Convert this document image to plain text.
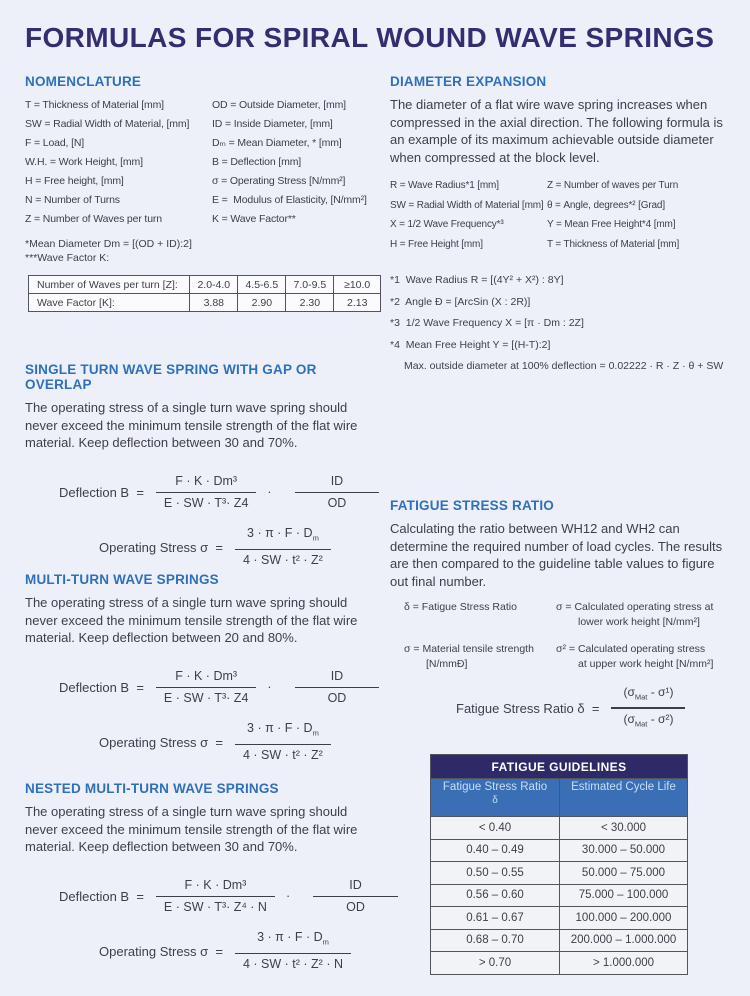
FORMULAS FOR SPIRAL WOUND WAVE SPRINGS
NOMENCLATURE
T = Thickness of Material [mm]
SW = Radial Width of Material, [mm]
F = Load, [N]
W.H. = Work Height, [mm]
H = Free height, [mm]
N = Number of Turns
Z = Number of Waves per turn
OD = Outside Diameter, [mm]
ID = Inside Diameter, [mm]
Dₘ = Mean Diameter, * [mm]
B = Deflection [mm]
σ = Operating Stress [N/mm²]
E =  Modulus of Elasticity, [N/mm²]
K = Wave Factor**
*Mean Diameter Dm = [(OD + ID):2]
***Wave Factor K:
Number of Waves per turn [Z]:	2.0-4.0	4.5-6.5	7.0-9.5	≥10.0
Wave Factor [K]:	3.88	2.90	2.30	2.13
DIAMETER EXPANSION

The diameter of a flat wire wave spring increases when compressed in the axial direction. The following formula is an example of its maximum achievable outside diameter when compressed at the block level.

R = Wave Radius*1 [mm]
SW = Radial Width of Material [mm]
X = 1/2 Wave Frequency*³
H = Free Height [mm]
Z = Number of waves per Turn
θ = Angle, degrees*² [Grad]
Y = Mean Free Height*4 [mm]
T = Thickness of Material [mm]
*1  Wave Radius R = [(4Y² + X²) : 8Y]
*2  Angle Đ = [ArcSin (X : 2R)]
*3  1/2 Wave Frequency X = [π · Dm : 2Z]
*4  Mean Free Height Y = [(H-T):2]
Max. outside diameter at 100% deflection = 0.02222 · R · Z · θ + SW
SINGLE TURN WAVE SPRING WITH GAP OR OVERLAP

The operating stress of a single turn wave spring should never exceed the minimum tensile strength of the flat wire material. Keep deflection between 30 and 70%.

Deflection $B = \frac{\text{F · K · Dm³}}{\text{E · SW · T³· Z4}} \cdot \frac{ID}{OD}$
Operating Stress $\sigma = \frac{3 \cdot \pi \cdot F \cdot D_m}{\text{4 · SW · t² · Z²}}$
MULTI-TURN WAVE SPRINGS

The operating stress of a single turn wave spring should never exceed the minimum tensile strength of the flat wire material. Keep deflection between 20 and 80%.

Deflection $B = \frac{\text{F · K · Dm³}}{\text{E · SW · T³· Z4}} \cdot \frac{ID}{OD}$
Operating Stress $\sigma = \frac{3 \cdot \pi \cdot F \cdot D_m}{\text{4 · SW · t² · Z²}}$
NESTED MULTI-TURN WAVE SPRINGS

The operating stress of a single turn wave spring should never exceed the minimum tensile strength of the flat wire material. Keep deflection between 30 and 70%.

Deflection $B = \frac{\text{F · K · Dm³}}{\text{E · SW · T³· Z⁴ · N}} \cdot \frac{ID}{OD}$
Operating Stress $\sigma = \frac{3 \cdot \pi \cdot F \cdot D_m}{\text{4 · SW · t² · Z² · N}}$
FATIGUE STRESS RATIO

Calculating the ratio between WH12 and WH2 can determine the required number of load cycles. The results are then compared to the guideline table values to figure out final number.

δ = Fatigue Stress Ratio	σ = Calculated operating stress at lower work height [N/mm²]
σ = Material tensile strength [N/mmĐ]
σ² = Calculated operating stress at upper work height [N/mm²]
Fatigue Stress Ratio $\delta = \frac{(\sigma_{Mat} - \sigma^1)}{(\sigma_{Mat} - \sigma^2)}$
FATIGUE GUIDELINES	
Fatigue Stress Ratio
δ	Estimated Cycle Life
< 0.40	< 30.000
0.40 – 0.49	30.000 – 50.000
0.50 – 0.55	50.000 – 75.000
0.56 – 0.60	75.000 – 100.000
0.61 – 0.67	100.000 – 200.000
0.68 – 0.70	200.000 – 1.000.000
> 0.70	> 1.000.000
